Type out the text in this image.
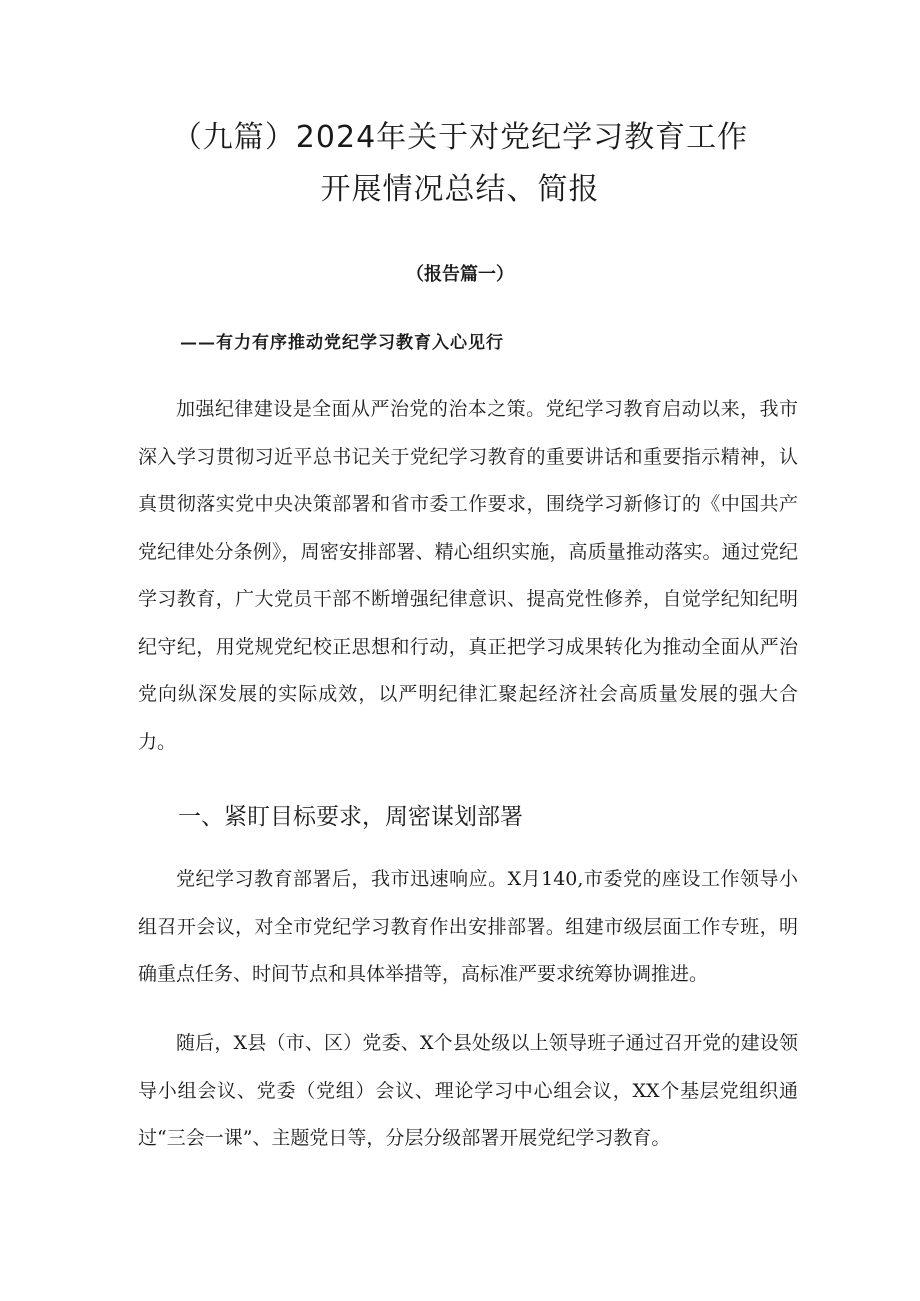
（九篇）2024年关于对党纪学习教育工作
开展情况总结、简报
（报告篇一）
——有力有序推动党纪学习教育入心见行

加强纪律建设是全面从严治党的治本之策。党纪学习教育启动以来，我市深入学习贯彻习近平总书记关于党纪学习教育的重要讲话和重要指示精神，认真贯彻落实党中央决策部署和省市委工作要求，围绕学习新修订的《中国共产党纪律处分条例》，周密安排部署、精心组织实施，高质量推动落实。通过党纪学习教育，广大党员干部不断增强纪律意识、提高党性修养，自觉学纪知纪明纪守纪，用党规党纪校正思想和行动，真正把学习成果转化为推动全面从严治党向纵深发展的实际成效，以严明纪律汇聚起经济社会高质量发展的强大合力。

一、紧盯目标要求，周密谋划部署

党纪学习教育部署后，我市迅速响应。X月140,市委党的座设工作领导小组召开会议，对全市党纪学习教育作出安排部署。组建市级层面工作专班，明确重点任务、时间节点和具体举措等，高标准严要求统筹协调推进。

随后，X县（市、区）党委、X个县处级以上领导班子通过召开党的建设领导小组会议、党委（党组）会议、理论学习中心组会议，XX个基层党组织通过“三会一课”、主题党日等，分层分级部署开展党纪学习教育。
